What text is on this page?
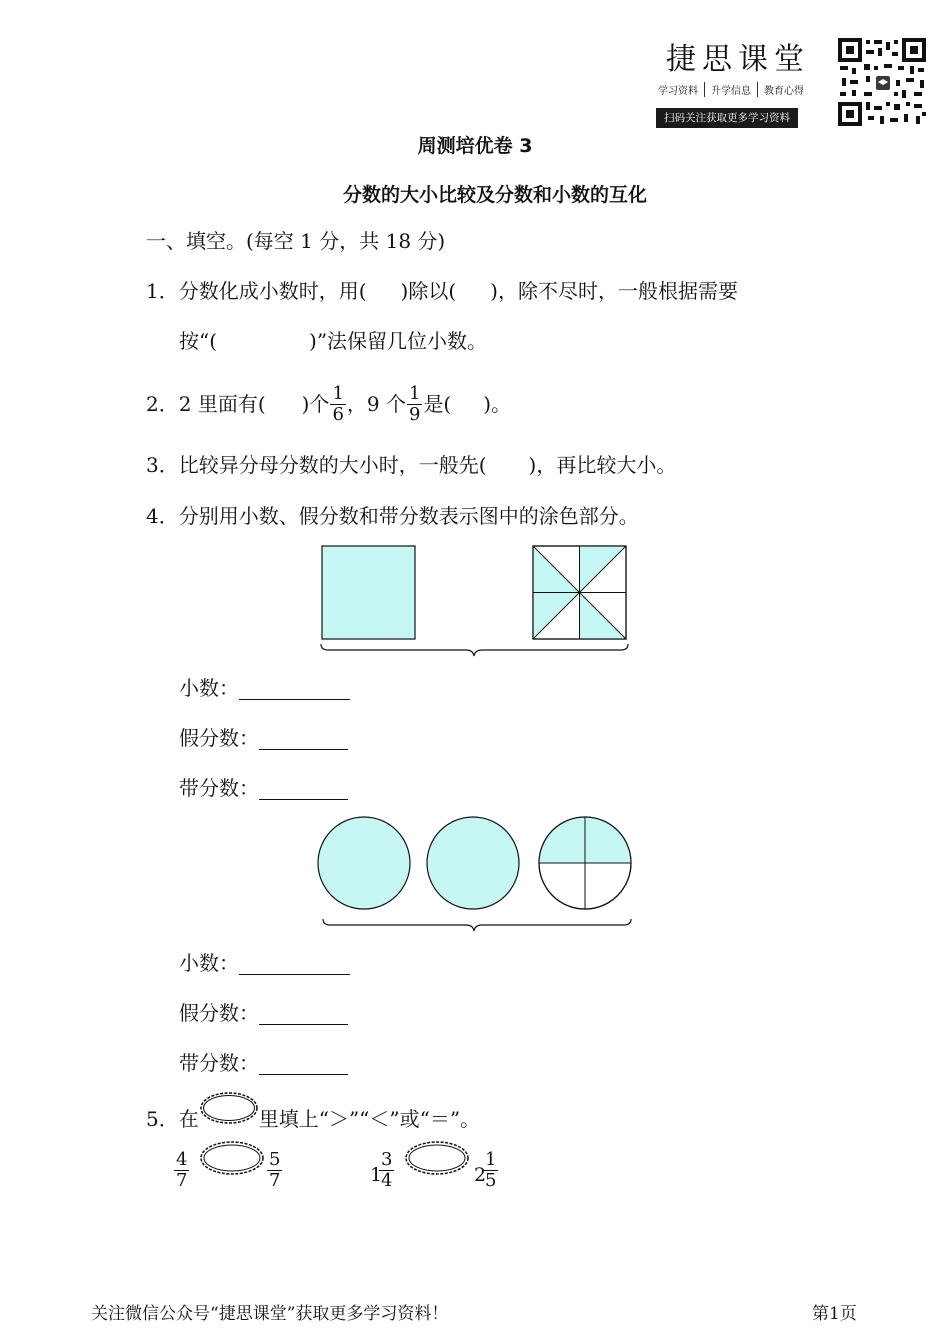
捷思课堂
学习资料 升学信息 教育心得
扫码关注获取更多学习资料
周测培优卷 3
分数的大小比较及分数和小数的互化
一、填空。(每空 1 分，共 18 分)
1．分数化成小数时，用( )除以( )，除不尽时，一般根据需要
按“(	)”法保留几位小数。
2． 2 里面有( )个 $\frac{1}{6}$ ，9 个 $\frac{1}{9}$ 是( )。
3．比较异分母分数的大小时，一般先( )，再比较大小。
4．分别用小数、假分数和带分数表示图中的涂色部分。
小数：
假分数：
带分数：
小数：
假分数：
带分数：
5．在	里填上“＞”“＜”或“＝”。
$\frac{4}{7}$	$\frac{5}{7}$	1
$\frac{3}{4}$	2
$\frac{1}{5}$
关注微信公众号“捷思课堂”获取更多学习资料！	第1页
